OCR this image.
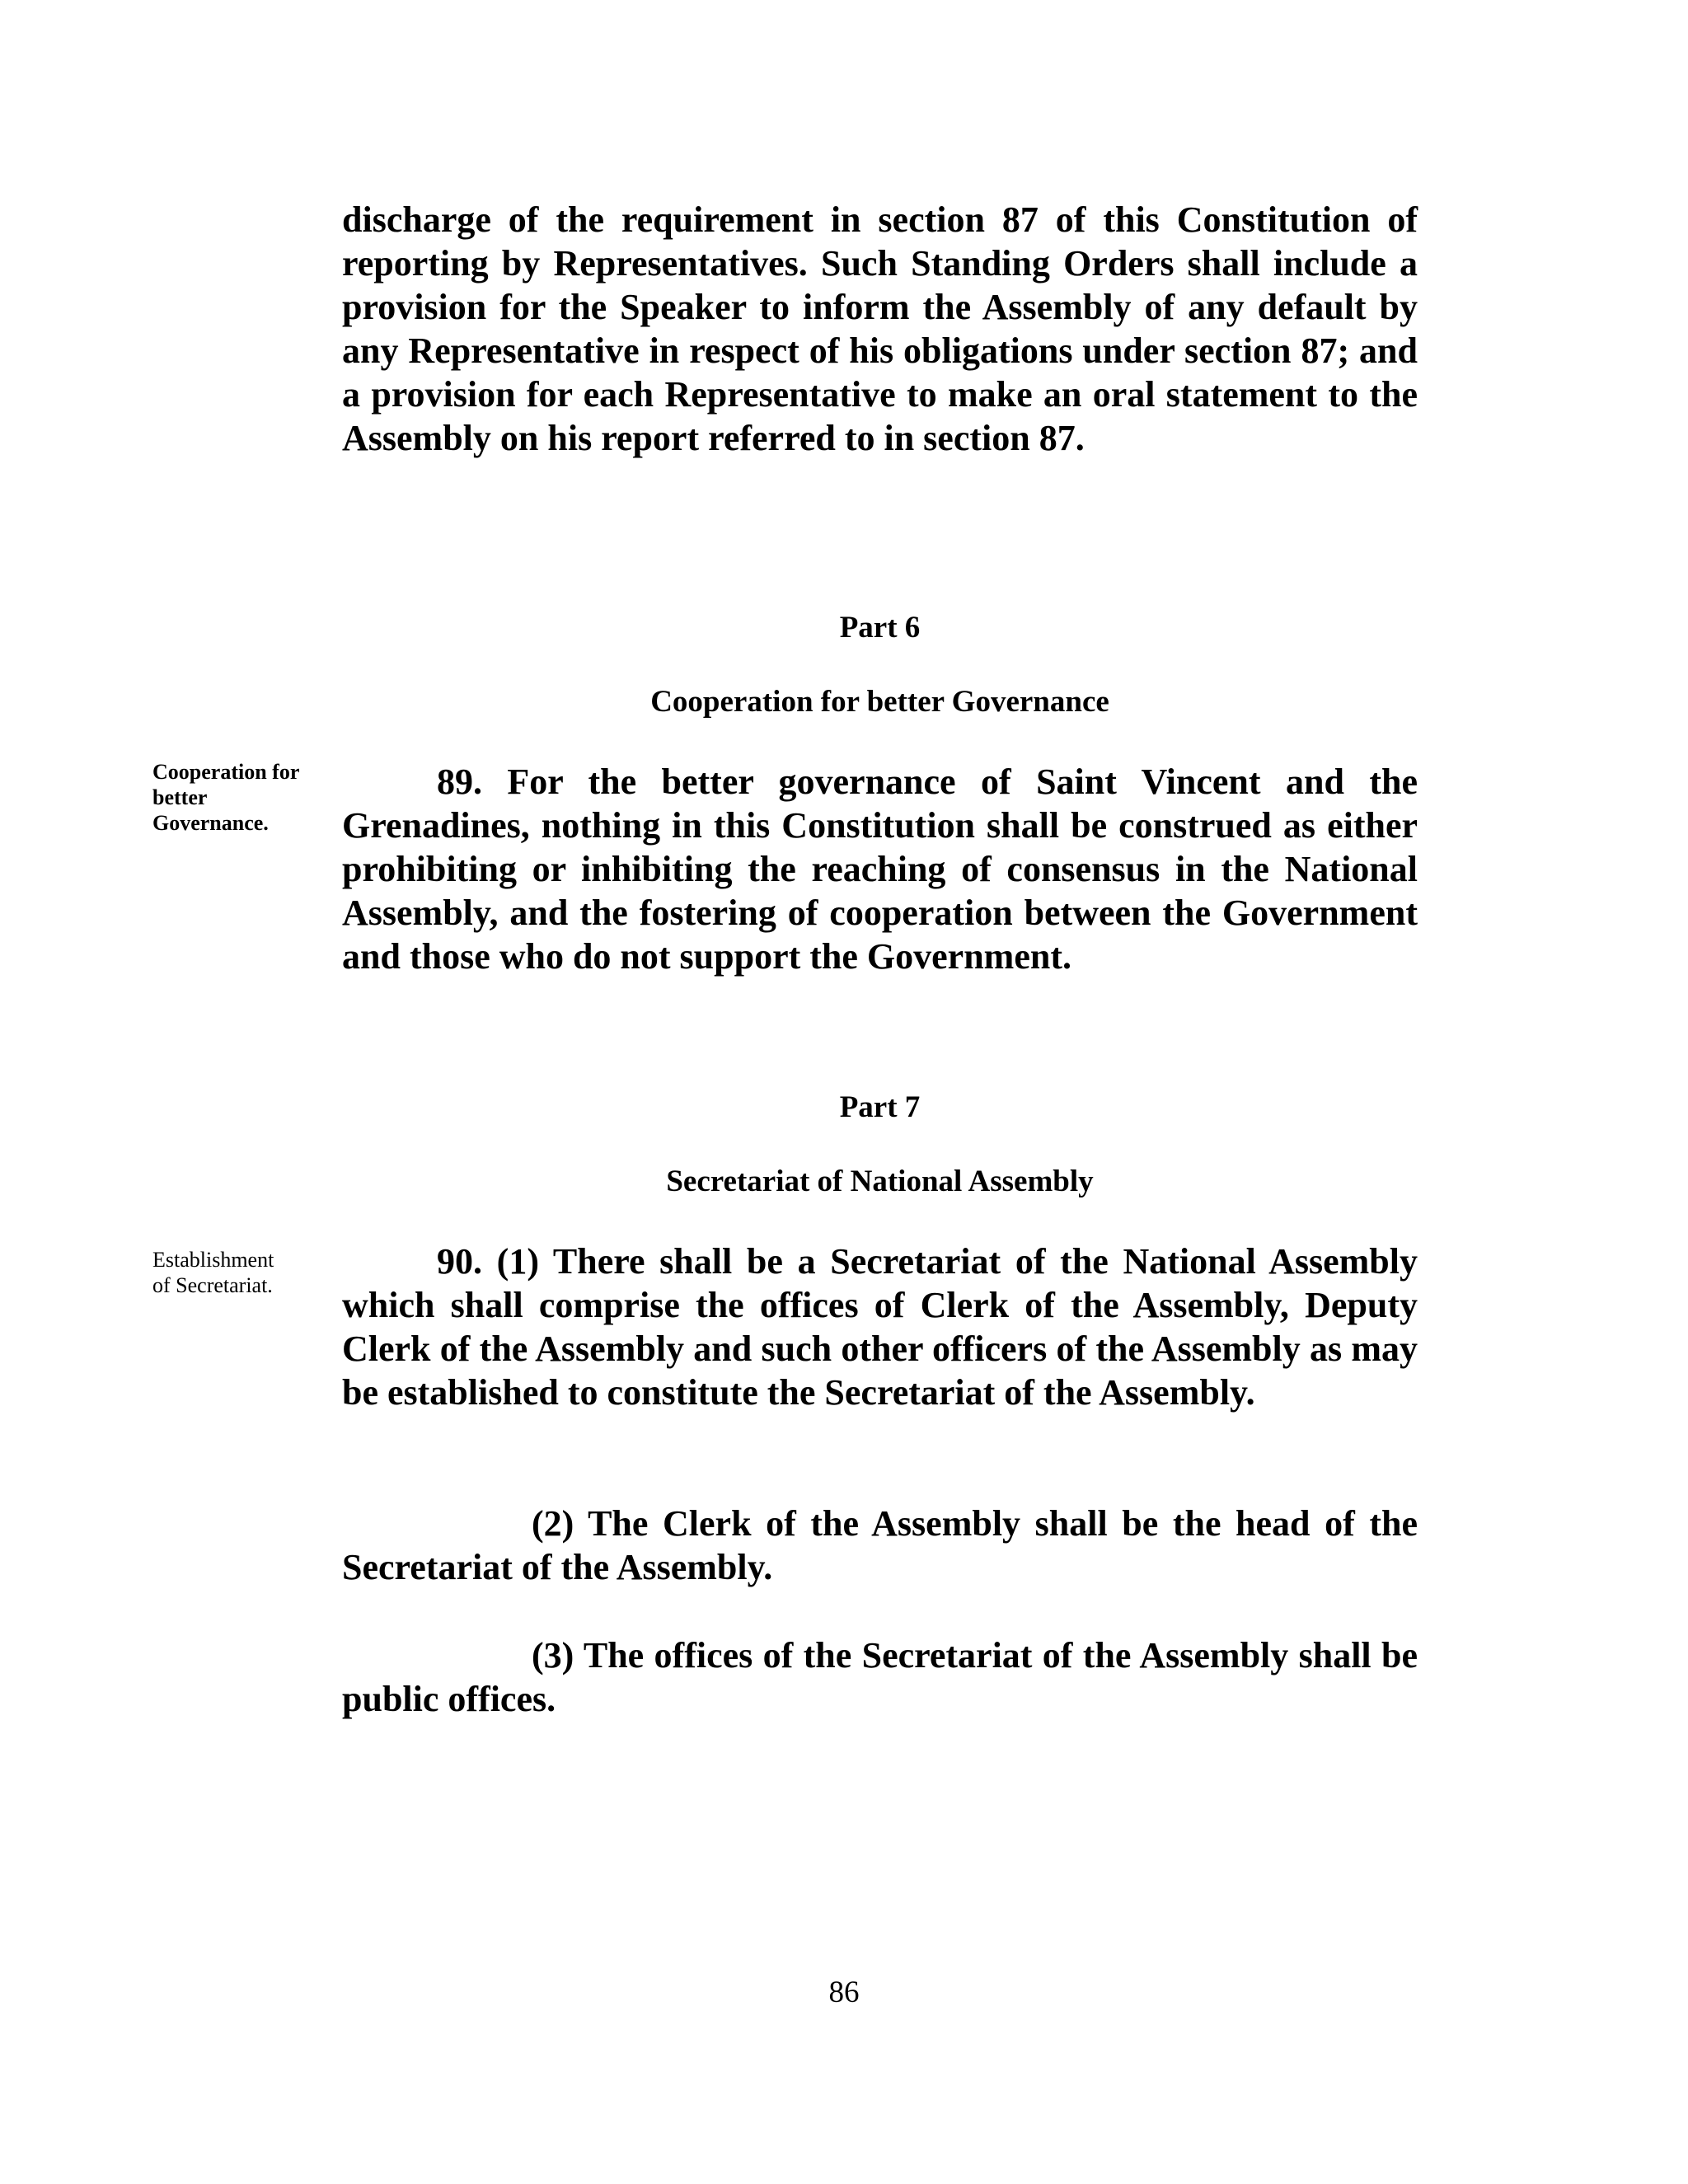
discharge of the requirement in section 87 of this Constitution of reporting by Representatives. Such Standing Orders shall include a provision for the Speaker to inform the Assembly of any default by any Representative in respect of his obligations under section 87; and a provision for each Representative to make an oral statement to the Assembly on his report referred to in section 87.

Part 6

Cooperation for better Governance

Cooperation for better Governance.

89. For the better governance of Saint Vincent and the Grenadines, nothing in this Constitution shall be construed as either prohibiting or inhibiting the reaching of consensus in the National Assembly, and the fostering of cooperation between the Government and those who do not support the Government.

Part 7

Secretariat of National Assembly

Establishment of Secretariat.

90. (1) There shall be a Secretariat of the National Assembly which shall comprise the offices of Clerk of the Assembly, Deputy Clerk of the Assembly and such other officers of the Assembly as may be established to constitute the Secretariat of the Assembly.

(2) The Clerk of the Assembly shall be the head of the Secretariat of the Assembly.

(3) The offices of the Secretariat of the Assembly shall be public offices.

86
